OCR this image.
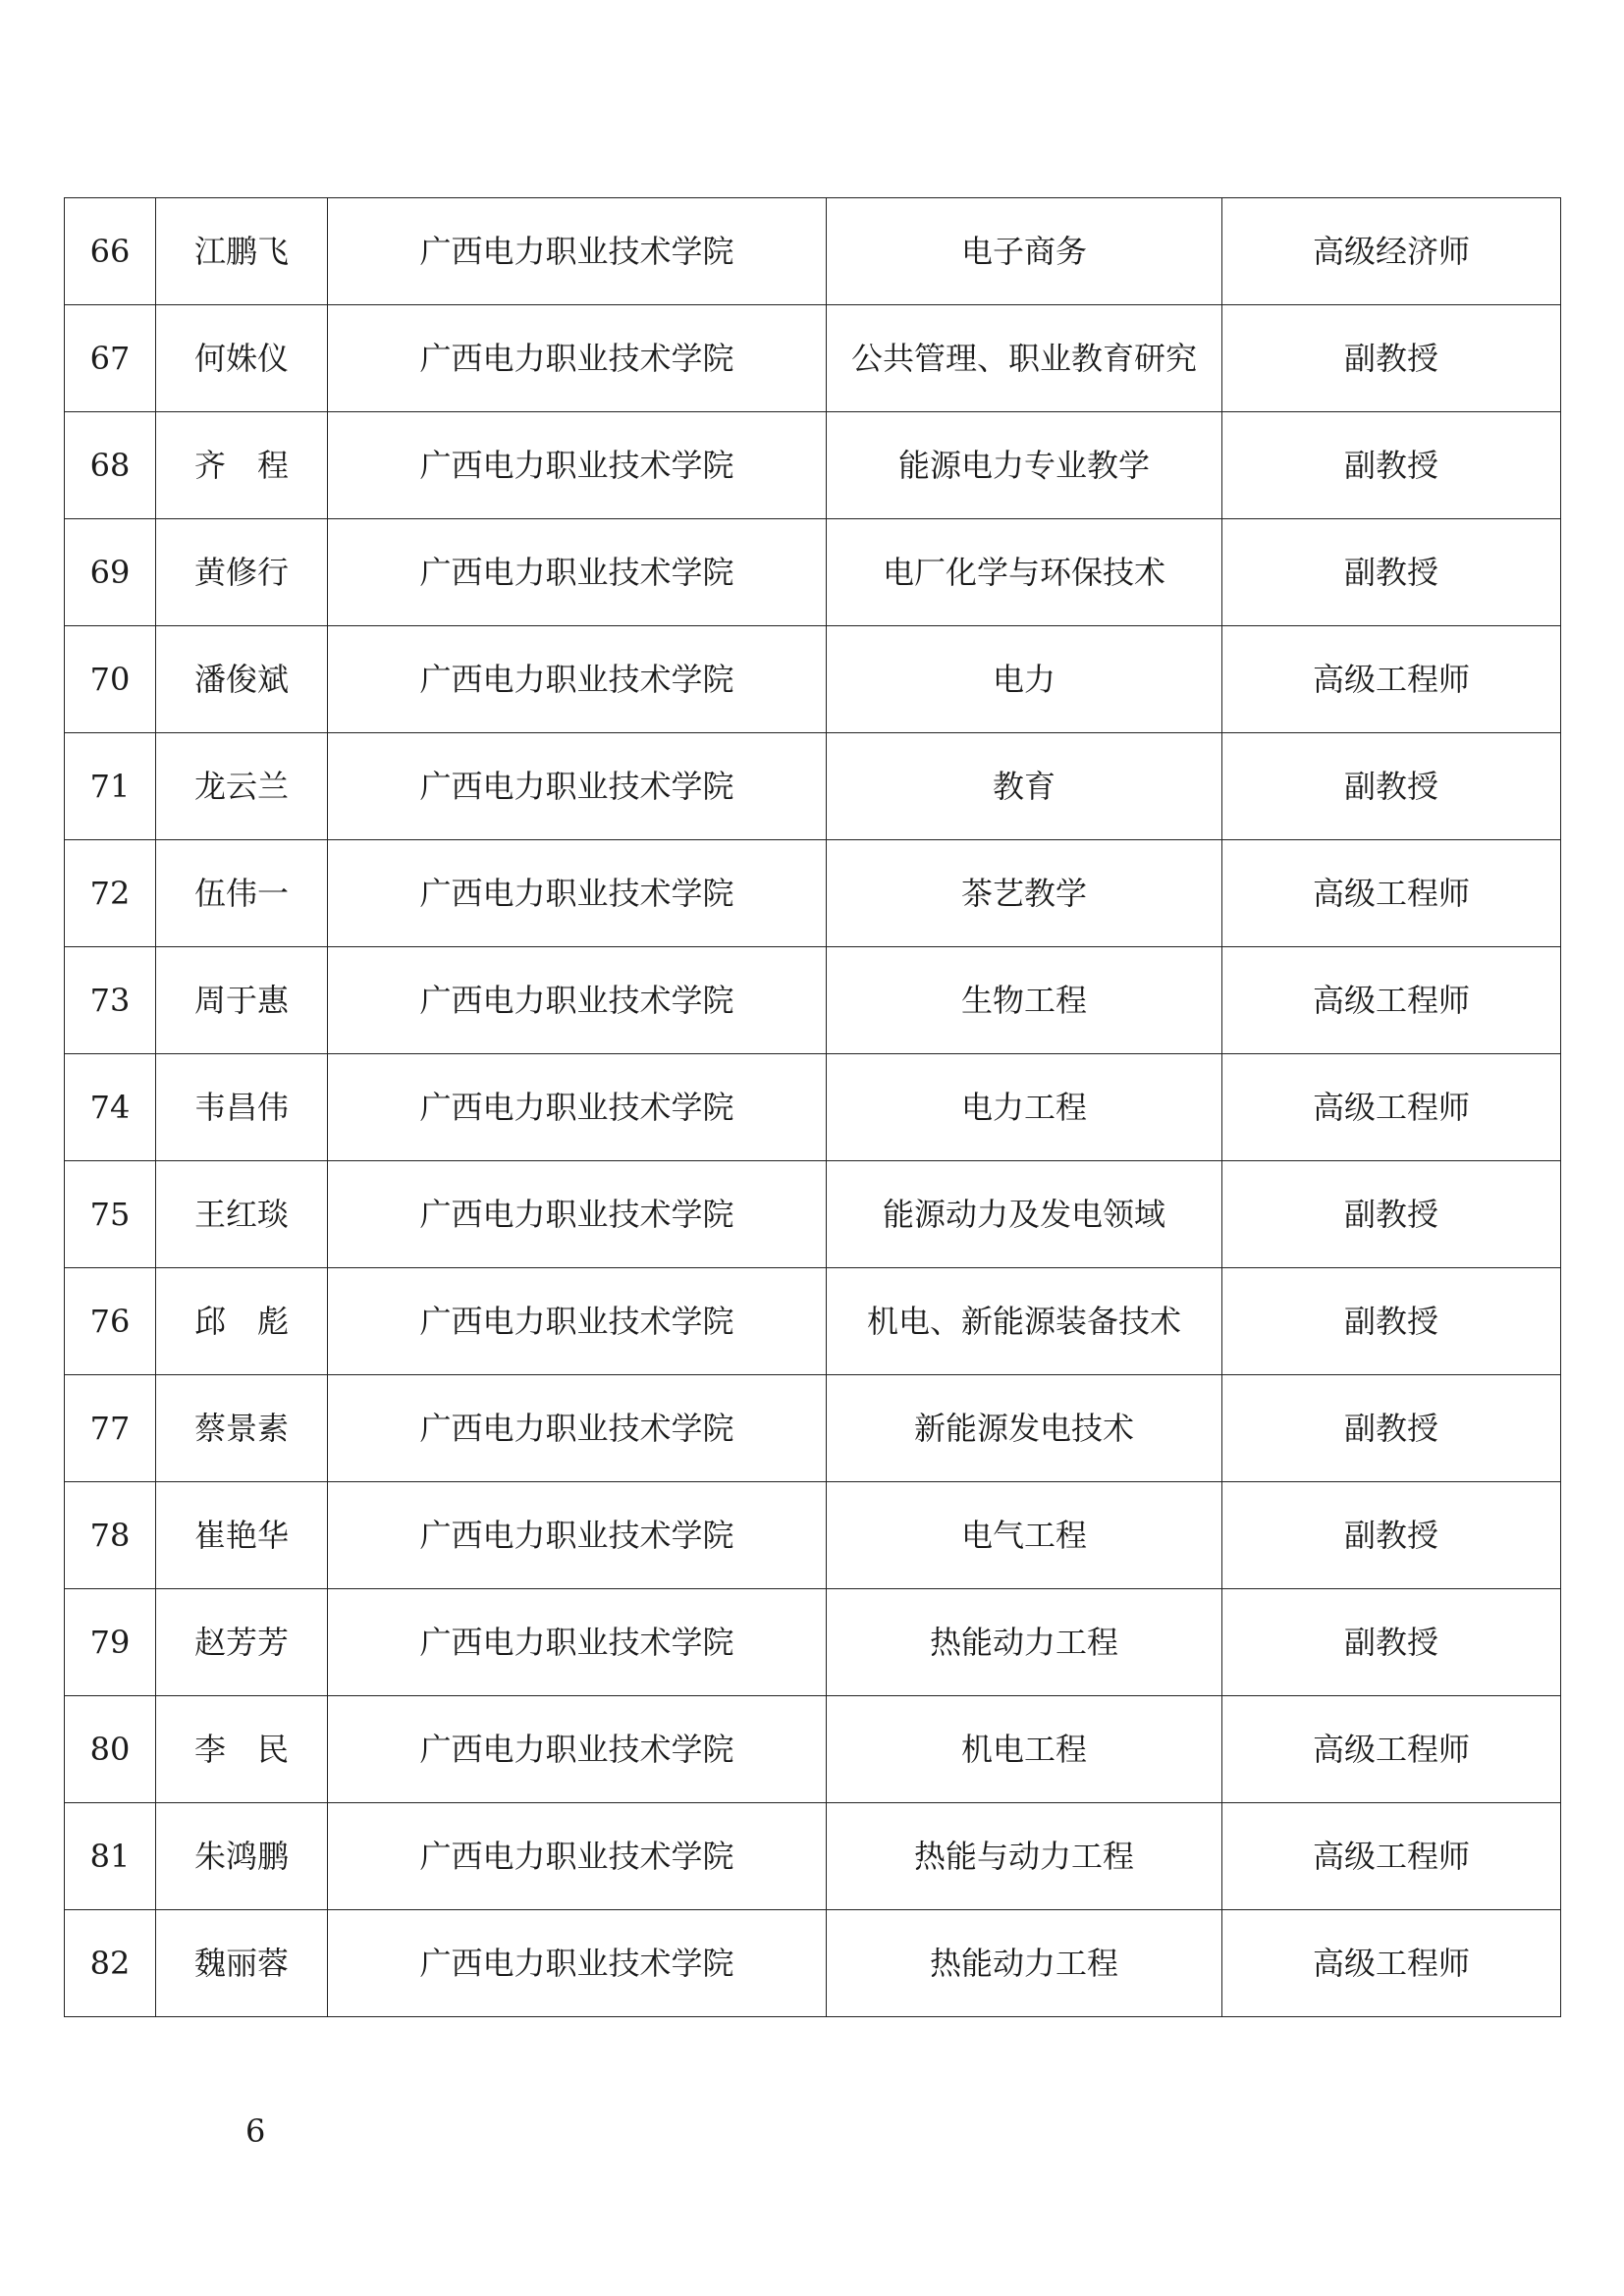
66	江鹏飞	广西电力职业技术学院	电子商务	高级经济师
67	何姝仪	广西电力职业技术学院	公共管理、职业教育研究	副教授
68	齐　程	广西电力职业技术学院	能源电力专业教学	副教授
69	黄修行	广西电力职业技术学院	电厂化学与环保技术	副教授
70	潘俊斌	广西电力职业技术学院	电力	高级工程师
71	龙云兰	广西电力职业技术学院	教育	副教授
72	伍伟一	广西电力职业技术学院	茶艺教学	高级工程师
73	周于惠	广西电力职业技术学院	生物工程	高级工程师
74	韦昌伟	广西电力职业技术学院	电力工程	高级工程师
75	王红琰	广西电力职业技术学院	能源动力及发电领域	副教授
76	邱　彪	广西电力职业技术学院	机电、新能源装备技术	副教授
77	蔡景素	广西电力职业技术学院	新能源发电技术	副教授
78	崔艳华	广西电力职业技术学院	电气工程	副教授
79	赵芳芳	广西电力职业技术学院	热能动力工程	副教授
80	李　民	广西电力职业技术学院	机电工程	高级工程师
81	朱鸿鹏	广西电力职业技术学院	热能与动力工程	高级工程师
82	魏丽蓉	广西电力职业技术学院	热能动力工程	高级工程师
6
